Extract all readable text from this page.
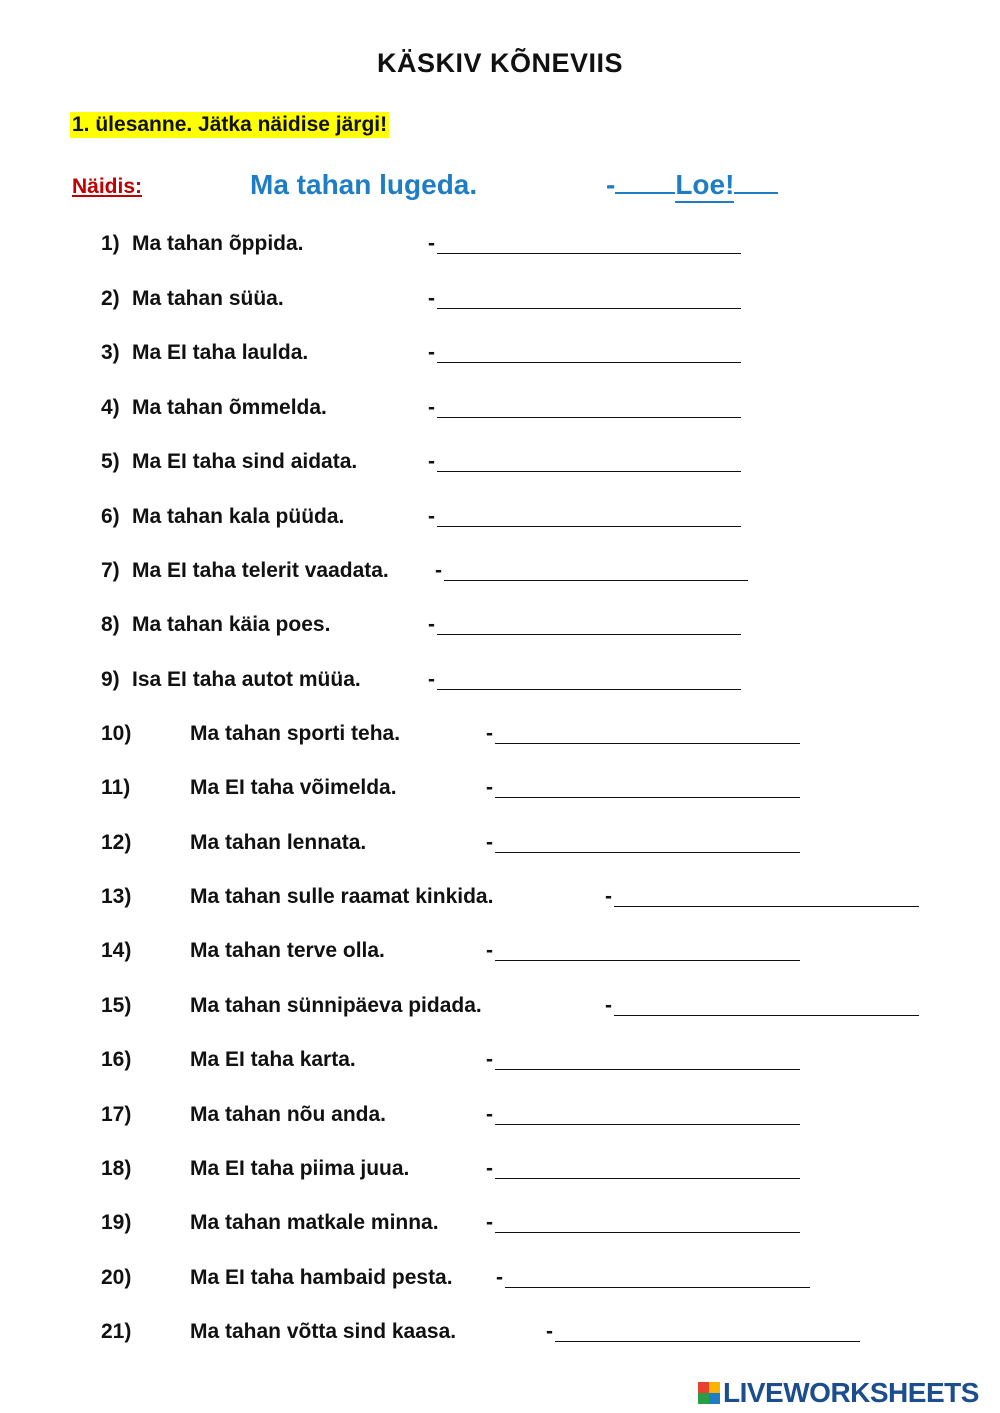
KÄSKIV KÕNEVIIS
1. ülesanne. Jätka näidise järgi!
Näidis:	Ma tahan lugeda.	- Loe!
1) Ma tahan õppida.	-
2) Ma tahan süüa.	-
3) Ma EI taha laulda.	-
4) Ma tahan õmmelda.	-
5) Ma EI taha sind aidata.	-
6) Ma tahan kala püüda.	-
7) Ma EI taha telerit vaadata. -
8) Ma tahan käia poes.	-
9) Isa EI taha autot müüa.	-
10)	Ma tahan sporti teha.	-
11)	Ma EI taha võimelda.	-
12)	Ma tahan lennata.	-
13)	Ma tahan sulle raamat kinkida.	-
14)	Ma tahan terve olla.	-
15)	Ma tahan sünnipäeva pidada.	-
16)	Ma EI taha karta.	-
17)	Ma tahan nõu anda.	-
18)	Ma EI taha piima juua.	-
19)	Ma tahan matkale minna. -
20)	Ma EI taha hambaid pesta. -
21)	Ma tahan võtta sind kaasa.	-
LIVEWORKSHEETS
